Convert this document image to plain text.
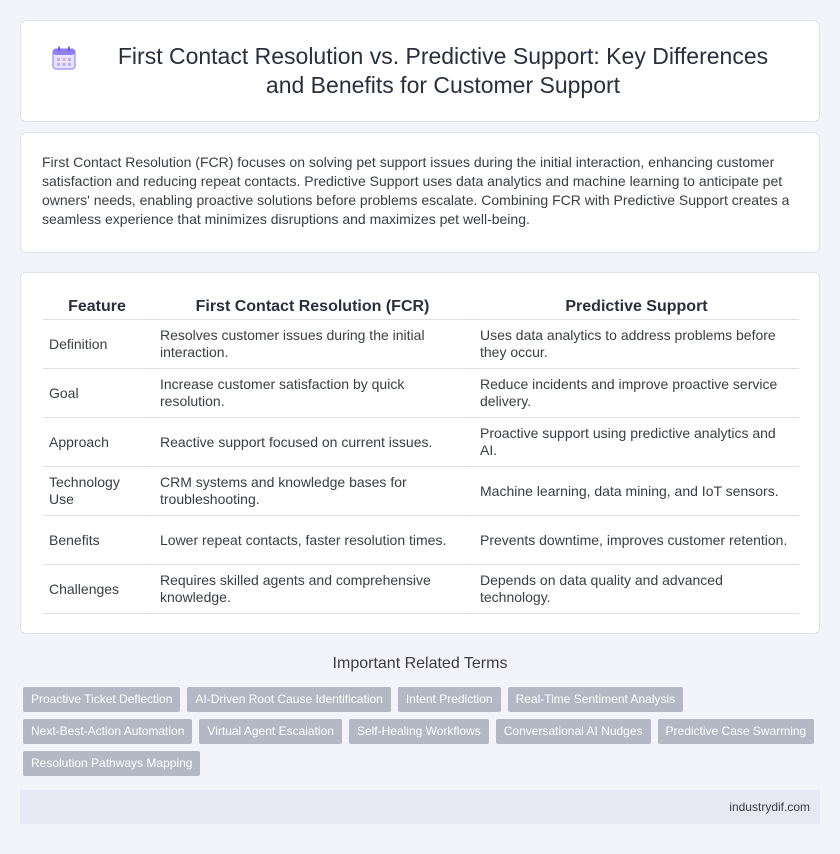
First Contact Resolution vs. Predictive Support: Key Differences and Benefits for Customer Support

First Contact Resolution (FCR) focuses on solving pet support issues during the initial interaction, enhancing customer satisfaction and reducing repeat contacts. Predictive Support uses data analytics and machine learning to anticipate pet owners' needs, enabling proactive solutions before problems escalate. Combining FCR with Predictive Support creates a seamless experience that minimizes disruptions and maximizes pet well-being.

Feature	First Contact Resolution (FCR)	Predictive Support
Definition	Resolves customer issues during the initial interaction.	Uses data analytics to address problems before they occur.
Goal	Increase customer satisfaction by quick resolution.	Reduce incidents and improve proactive service delivery.
Approach	Reactive support focused on current issues.	Proactive support using predictive analytics and AI.
Technology Use	CRM systems and knowledge bases for troubleshooting.	Machine learning, data mining, and IoT sensors.
Benefits	Lower repeat contacts, faster resolution times.	Prevents downtime, improves customer retention.
Challenges	Requires skilled agents and comprehensive knowledge.	Depends on data quality and advanced technology.
Important Related Terms
Proactive Ticket Deflection	AI-Driven Root Cause Identification	Intent Prediction	Real-Time Sentiment Analysis
Next-Best-Action Automation	Virtual Agent Escalation	Self-Healing Workflows	Conversational AI Nudges	Predictive Case Swarming
Resolution Pathways Mapping
industrydif.com
